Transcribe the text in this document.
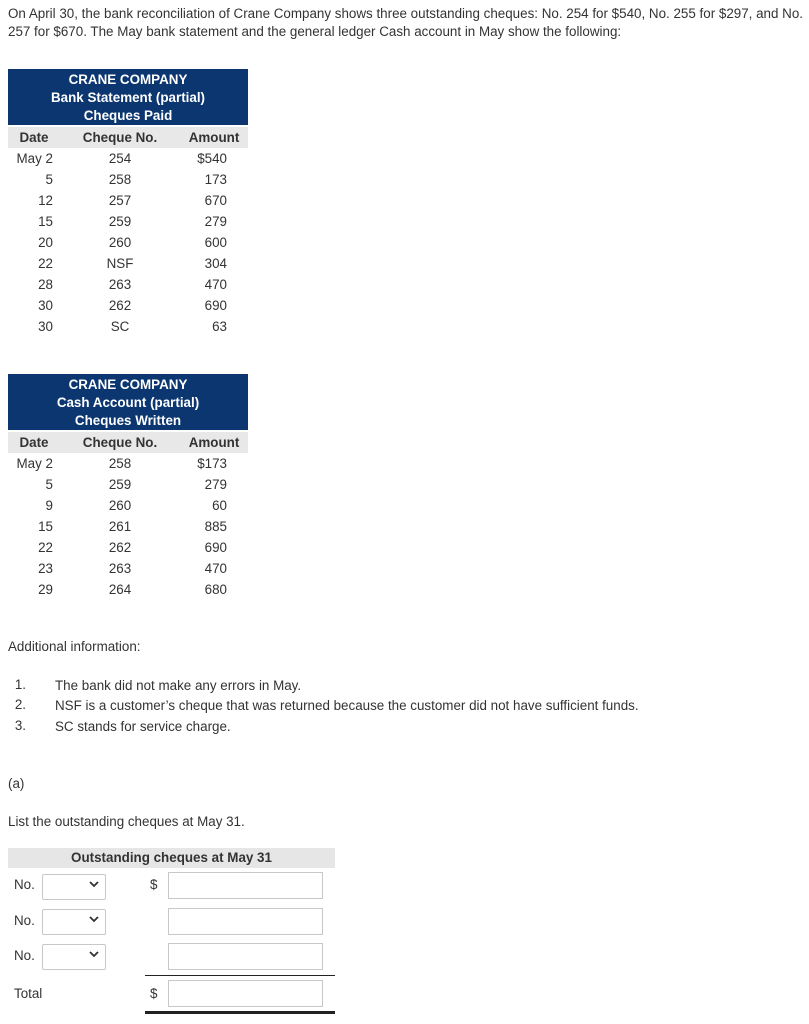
On April 30, the bank reconciliation of Crane Company shows three outstanding cheques: No. 254 for $540, No. 255 for $297, and No. 257 for $670. The May bank statement and the general ledger Cash account in May show the following:
CRANE COMPANY
Bank Statement (partial)
Cheques Paid
Date	Cheque No.	Amount
May 2	254	$540
5	258	173
12	257	670
15	259	279
20	260	600
22	NSF	304
28	263	470
30	262	690
30	SC	63
CRANE COMPANY
Cash Account (partial)
Cheques Written
Date	Cheque No.	Amount
May 2	258	$173
5	259	279
9	260	60
15	261	885
22	262	690
23	263	470
29	264	680
Additional information:
1. The bank did not make any errors in May.
2. NSF is a customer’s cheque that was returned because the customer did not have sufficient funds.
3. SC stands for service charge.
(a)
List the outstanding cheques at May 31.
Outstanding cheques at May 31
No.	$
No.
No.
Total	$
